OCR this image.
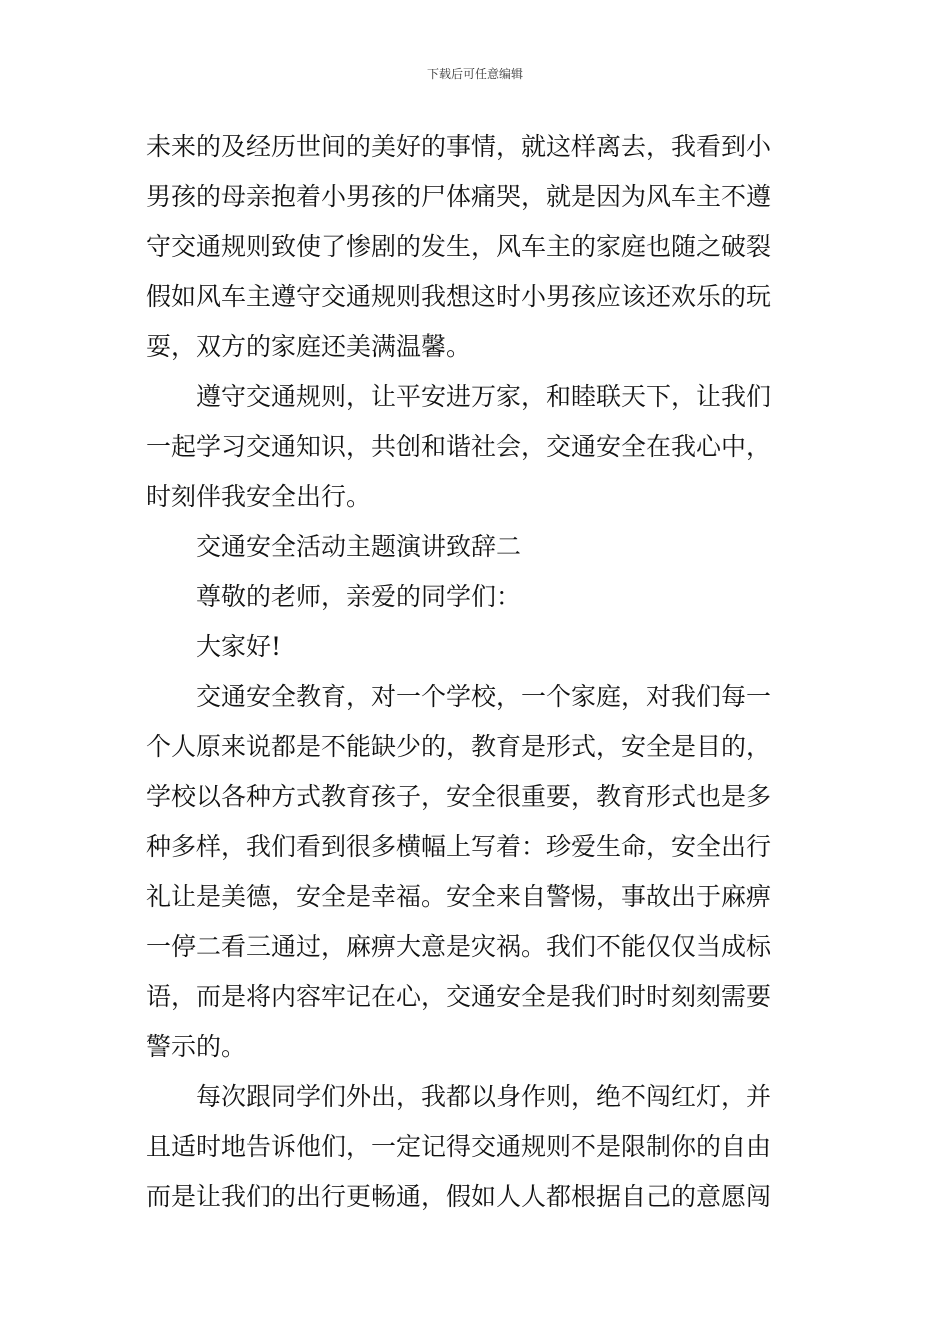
下载后可任意编辑
未来的及经历世间的美好的事情，就这样离去，我看到小
男孩的母亲抱着小男孩的尸体痛哭，就是因为风车主不遵
守交通规则致使了惨剧的发生，风车主的家庭也随之破裂
假如风车主遵守交通规则我想这时小男孩应该还欢乐的玩
耍，双方的家庭还美满温馨。
遵守交通规则，让平安进万家，和睦联天下，让我们
一起学习交通知识，共创和谐社会，交通安全在我心中，
时刻伴我安全出行。
交通安全活动主题演讲致辞二
尊敬的老师，亲爱的同学们：
大家好!
交通安全教育，对一个学校，一个家庭，对我们每一
个人原来说都是不能缺少的，教育是形式，安全是目的，
学校以各种方式教育孩子，安全很重要，教育形式也是多
种多样，我们看到很多横幅上写着：珍爱生命，安全出行
礼让是美德，安全是幸福。安全来自警惕，事故出于麻痹
一停二看三通过，麻痹大意是灾祸。我们不能仅仅当成标
语，而是将内容牢记在心，交通安全是我们时时刻刻需要
警示的。
每次跟同学们外出，我都以身作则，绝不闯红灯，并
且适时地告诉他们，一定记得交通规则不是限制你的自由
而是让我们的出行更畅通，假如人人都根据自己的意愿闯
